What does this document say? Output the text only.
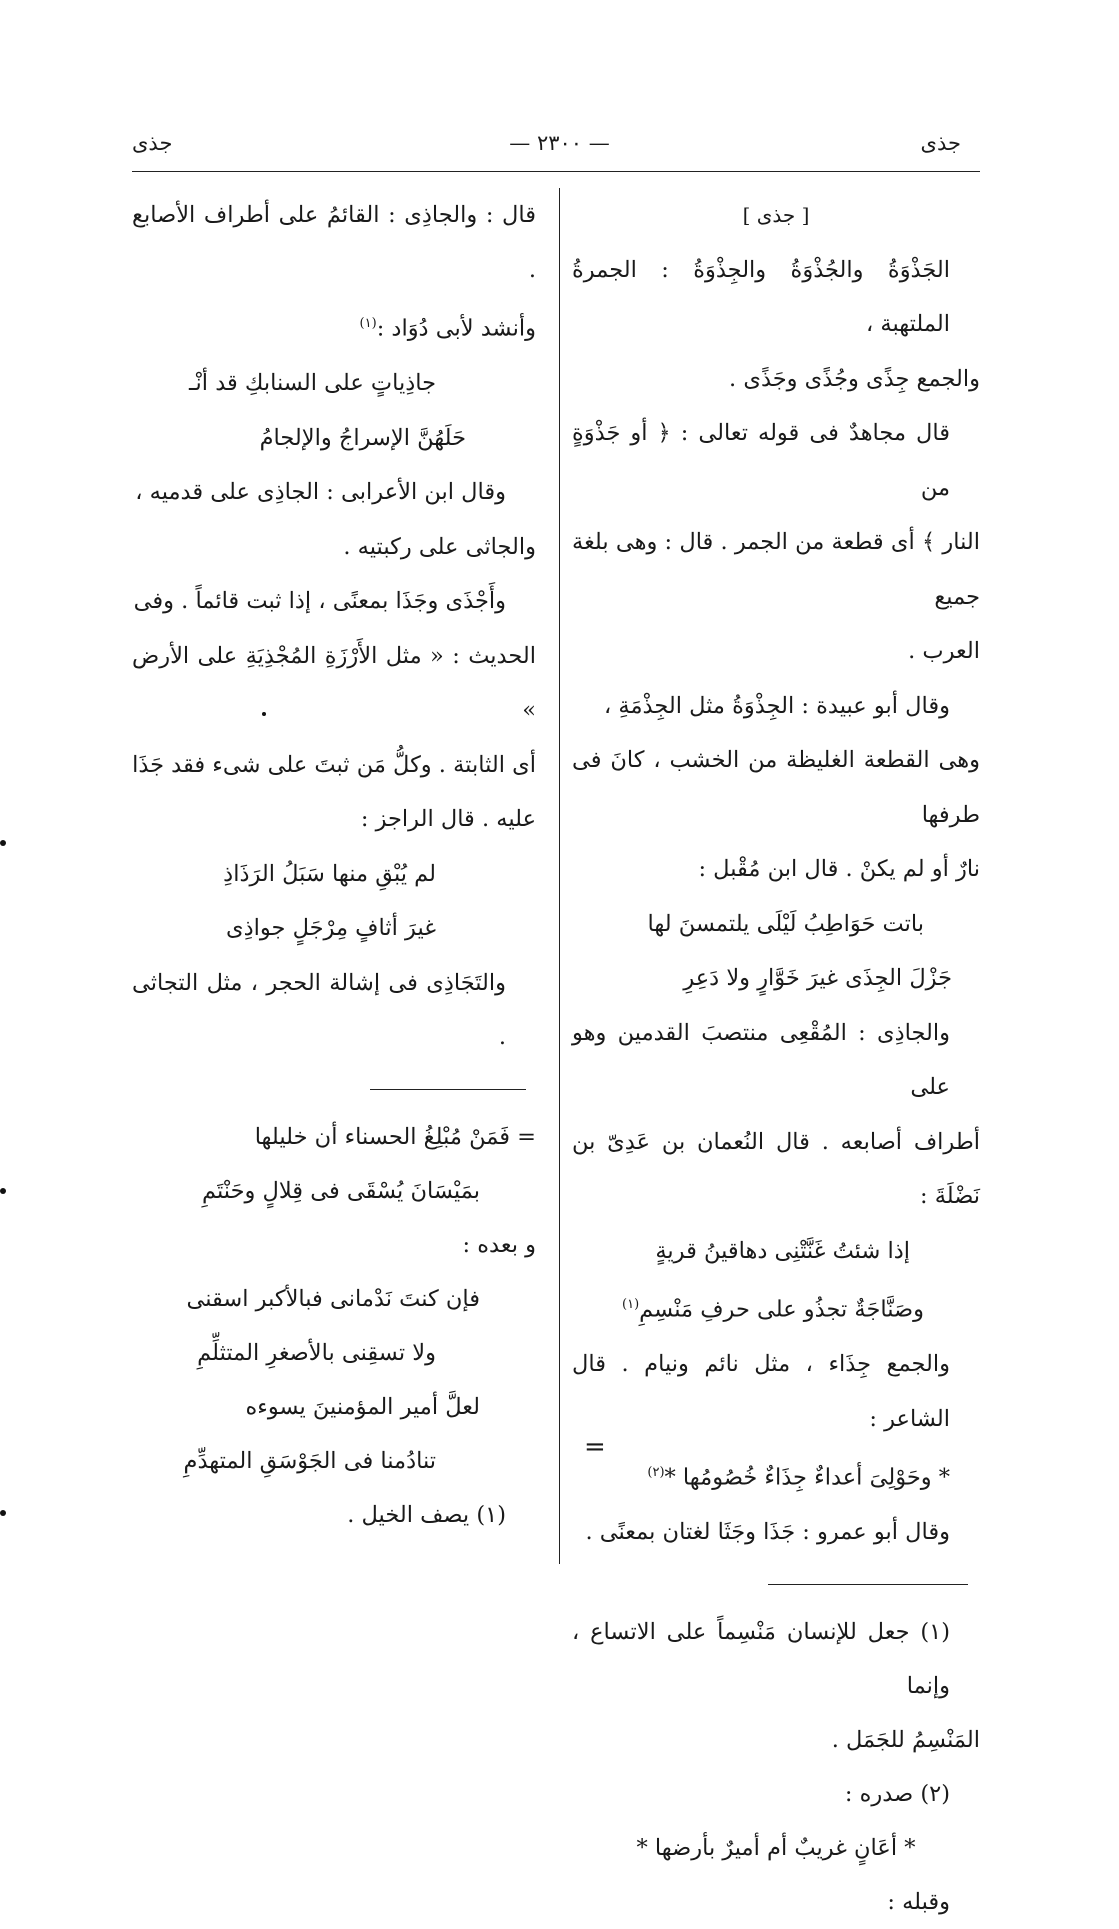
جذى
— ٢٣٠٠ —
جذى

[ جذى ]

الجَذْوَةُ والجُذْوَةُ والجِذْوَةُ : الجمرةُ الملتهبة ،

والجمع جِذًى وجُذًى وجَذًى .

قال مجاهدٌ فى قوله تعالى : ﴿ أو جَذْوَةٍ من

النار ﴾ أى قطعة من الجمر . قال : وهى بلغة جميع

العرب .

وقال أبو عبيدة : الجِذْوَةُ مثل الجِذْمَةِ ،

وهى القطعة الغليظة من الخشب ، كانَ فى طرفها

نارٌ أو لم يكنْ . قال ابن مُقْبل :

باتت حَوَاطِبُ لَيْلَى يلتمسنَ لها

جَزْلَ الجِذَى غيرَ خَوَّارٍ ولا دَعِرِ

والجاذِى : المُقْعِى منتصبَ القدمين وهو على

أطراف أصابعه . قال النُعمان بن عَدِىّ بن نَضْلَةَ :

إذا شئتُ غَنَّتْنِى دهاقينُ قريةٍ

وصَنَّاجَةٌ تجذُو على حرفِ مَنْسِمِ$^{(١)}$

والجمع جِذَاء ، مثل نائم ونيام . قال الشاعر :

* وحَوْلِىَ أعداءٌ جِذَاءٌ خُصُومُها *$^{(٢)}$

وقال أبو عمرو : جَذَا وجَثَا لغتان بمعنًى .

(١) جعل للإنسان مَنْسِماً على الاتساع ، وإنما

المَنْسِمُ للجَمَل .

(٢) صدره :

* أعَانٍ غريبٌ أم أميرٌ بأرضها *

وقبله :

=

قال : والجاذِى : القائمُ على أطراف الأصابع .

وأنشد لأبى دُوَاد :$^{(١)}$

جاذِياتٍ على السنابكِ قد أنْـ

حَلَهُنَّ الإسراجُ والإلجامُ

وقال ابن الأعرابى : الجاذِى على قدميه ،

والجاثى على ركبتيه .

وأَجْذَى وجَذَا بمعنًى ، إذا ثبت قائماً . وفى

الحديث : « مثل الأَرْزَةِ المُجْذِيَةِ على الأرض »

أى الثابتة . وكلُّ مَن ثبتَ على شىء فقد جَذَا

عليه . قال الراجز :

لم يُبْقِ منها سَبَلُ الرَذَاذِ

غيرَ أثافٍ مِرْجَلٍ جواذِى

والتَجَاذِى فى إشالة الحجر ، مثل التجاثى .

= فَمَنْ مُبْلِغُ الحسناء أن خليلها

بمَيْسَانَ يُسْقَى فى قِلالٍ وحَنْتَمِ

و بعده :

فإن كنتَ نَدْمانى فبالأكبر اسقنى

ولا تسقِنى بالأصغرِ المتثلِّمِ

لعلَّ أمير المؤمنينَ يسوءه

تنادُمنا فى الجَوْسَقِ المتهدِّمِ

(١) يصف الخيل .
